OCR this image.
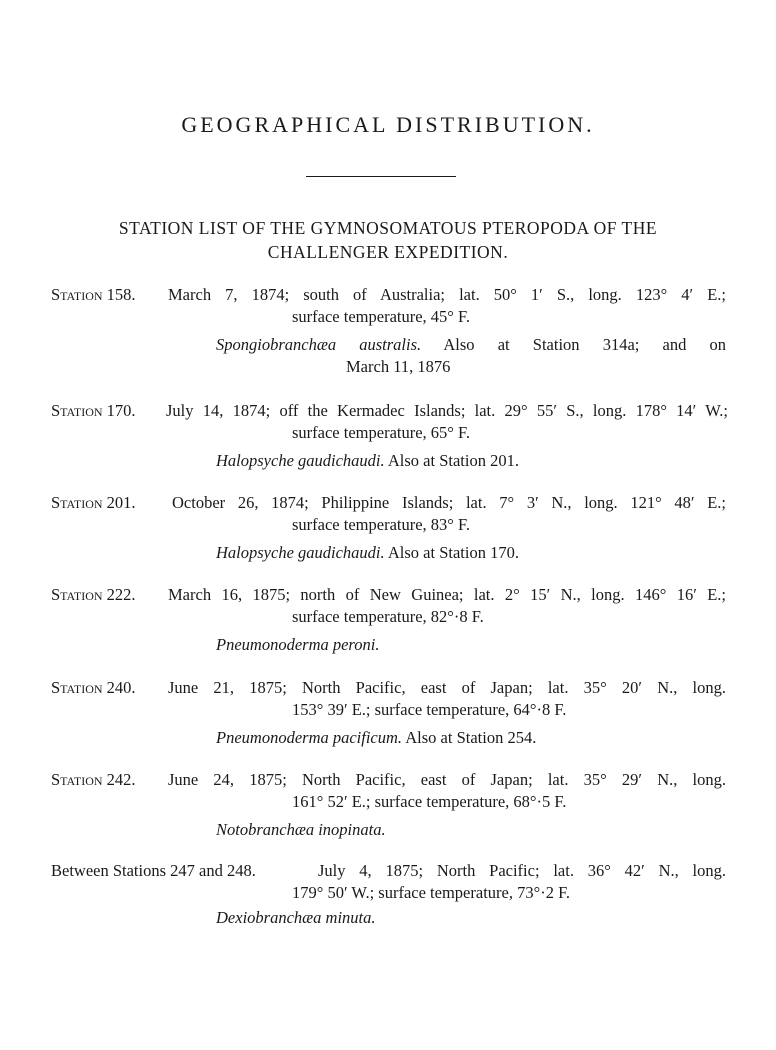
GEOGRAPHICAL DISTRIBUTION.
STATION LIST OF THE GYMNOSOMATOUS PTEROPODA OF THE
CHALLENGER EXPEDITION.
Station 158. March 7, 1874; south of Australia; lat. 50° 1′ S., long. 123° 4′ E.;
surface temperature, 45° F.
Spongiobranchæa australis. Also at Station 314a; and on
March 11, 1876
Station 170. July 14, 1874; off the Kermadec Islands; lat. 29° 55′ S., long. 178° 14′ W.;
surface temperature, 65° F.
Halopsyche gaudichaudi. Also at Station 201.
Station 201. October 26, 1874; Philippine Islands; lat. 7° 3′ N., long. 121° 48′ E.;
surface temperature, 83° F.
Halopsyche gaudichaudi. Also at Station 170.
Station 222. March 16, 1875; north of New Guinea; lat. 2° 15′ N., long. 146° 16′ E.;
surface temperature, 82°·8 F.
Pneumonoderma peroni.
Station 240. June 21, 1875; North Pacific, east of Japan; lat. 35° 20′ N., long.
153° 39′ E.; surface temperature, 64°·8 F.
Pneumonoderma pacificum. Also at Station 254.
Station 242. June 24, 1875; North Pacific, east of Japan; lat. 35° 29′ N., long.
161° 52′ E.; surface temperature, 68°·5 F.
Notobranchæa inopinata.
Between Stations 247 and 248.	July 4, 1875; North Pacific; lat. 36° 42′ N., long.
179° 50′ W.; surface temperature, 73°·2 F.
Dexiobranchæa minuta.
